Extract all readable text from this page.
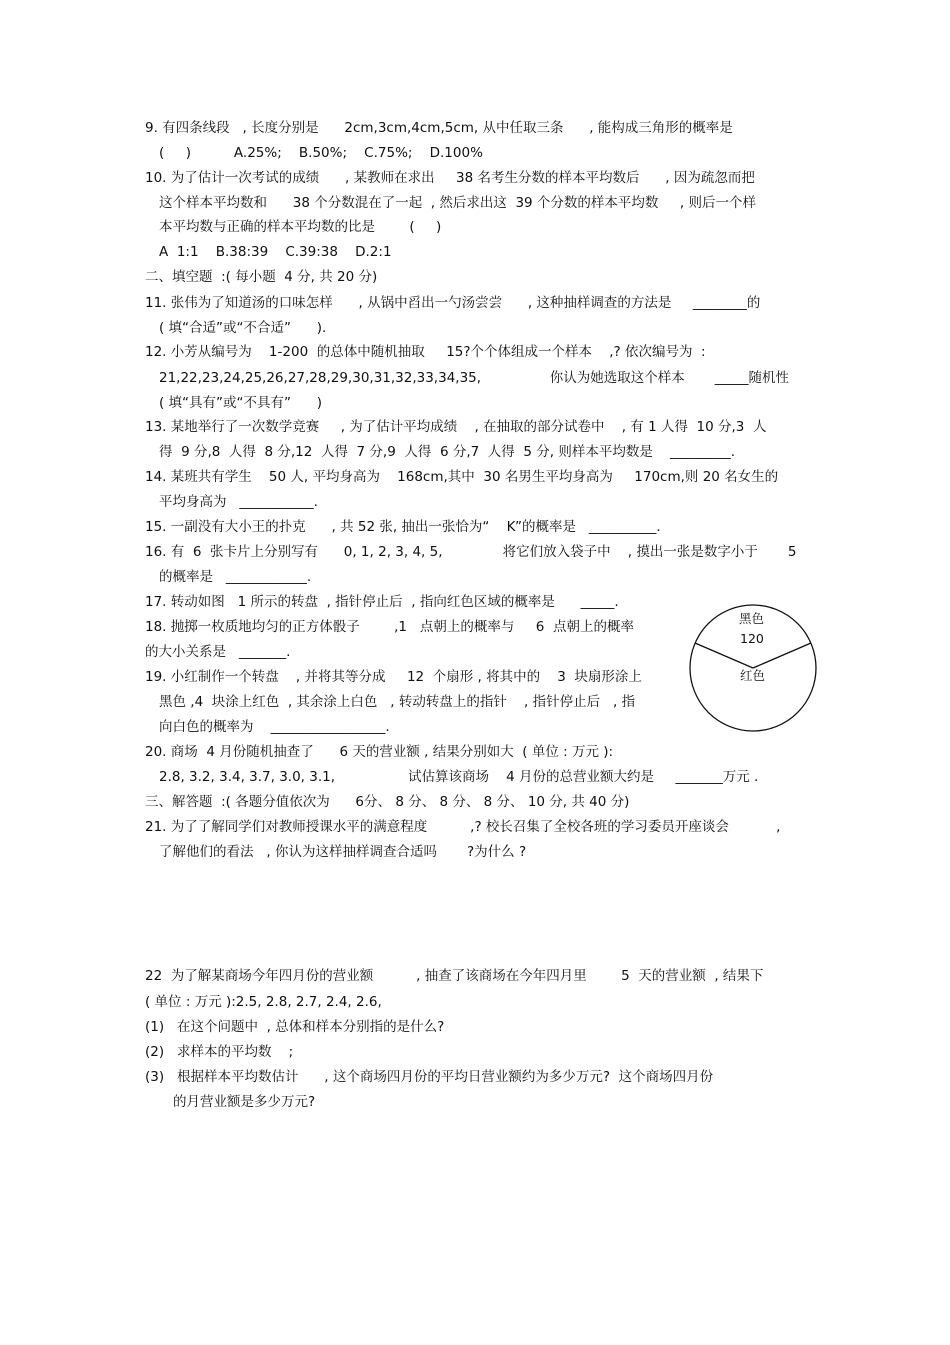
9. 有四条线段   , 长度分别是      2cm,3cm,4cm,5cm, 从中任取三条      , 能构成三角形的概率是
(     )          A.25%;    B.50%;    C.75%;    D.100%
10. 为了估计一次考试的成绩      , 某教师在求出     38 名考生分数的样本平均数后      , 因为疏忽而把
这个样本平均数和      38 个分数混在了一起  , 然后求出这  39 个分数的样本平均数     , 则后一个样
本平均数与正确的样本平均数的比是        (     )
A  1:1    B.38:39    C.39:38    D.2:1
二、填空题  :( 每小题  4 分, 共 20 分)
11. 张伟为了知道汤的口味怎样      , 从锅中舀出一勺汤尝尝      , 这种抽样调查的方法是     ________的
( 填“合适”或“不合适”      ).
12. 小芳从编号为    1-200  的总体中随机抽取     15?个个体组成一个样本    ,? 依次编号为  :
21,22,23,24,25,26,27,28,29,30,31,32,33,34,35,                你认为她选取这个样本       _____随机性
( 填“具有”或“不具有”      )
13. 某地举行了一次数学竞赛     , 为了估计平均成绩    , 在抽取的部分试卷中    , 有 1 人得  10 分,3  人
得  9 分,8  人得  8 分,12  人得  7 分,9  人得  6 分,7  人得  5 分, 则样本平均数是    _________.
14. 某班共有学生    50 人, 平均身高为    168cm,其中  30 名男生平均身高为     170cm,则 20 名女生的
平均身高为   ___________.
15. 一副没有大小王的扑克      , 共 52 张, 抽出一张恰为“    K”的概率是   __________.
16. 有  6  张卡片上分别写有      0, 1, 2, 3, 4, 5,              将它们放入袋子中    , 摸出一张是数字小于       5
的概率是   ____________.
17. 转动如图   1 所示的转盘  , 指针停止后  , 指向红色区域的概率是      _____.
18. 抛掷一枚质地均匀的正方体骰子        ,1   点朝上的概率与     6  点朝上的概率
的大小关系是   _______.
19. 小红制作一个转盘    , 并将其等分成     12  个扇形 , 将其中的    3  块扇形涂上
黑色 ,4  块涂上红色  , 其余涂上白色   , 转动转盘上的指针    , 指针停止后   , 指
向白色的概率为    _________________.
20. 商场  4 月份随机抽查了      6 天的营业额 , 结果分别如大  ( 单位 : 万元 ):
2.8, 3.2, 3.4, 3.7, 3.0, 3.1,                 试估算该商场    4 月份的总营业额大约是     _______万元 .
三、解答题  :( 各题分值依次为      6分、 8 分、 8 分、 8 分、 10 分, 共 40 分)
21. 为了了解同学们对教师授课水平的满意程度          ,? 校长召集了全校各班的学习委员开座谈会           ,
了解他们的看法   , 你认为这样抽样调查合适吗       ?为什么 ?
22  为了解某商场今年四月份的营业额          , 抽查了该商场在今年四月里        5  天的营业额  , 结果下
( 单位 : 万元 ):2.5, 2.8, 2.7, 2.4, 2.6,
(1)   在这个问题中  , 总体和样本分别指的是什么?
(2)   求样本的平均数    ;
(3)   根据样本平均数估计      , 这个商场四月份的平均日营业额约为多少万元?  这个商场四月份
的月营业额是多少万元?
黑色
120
红色
